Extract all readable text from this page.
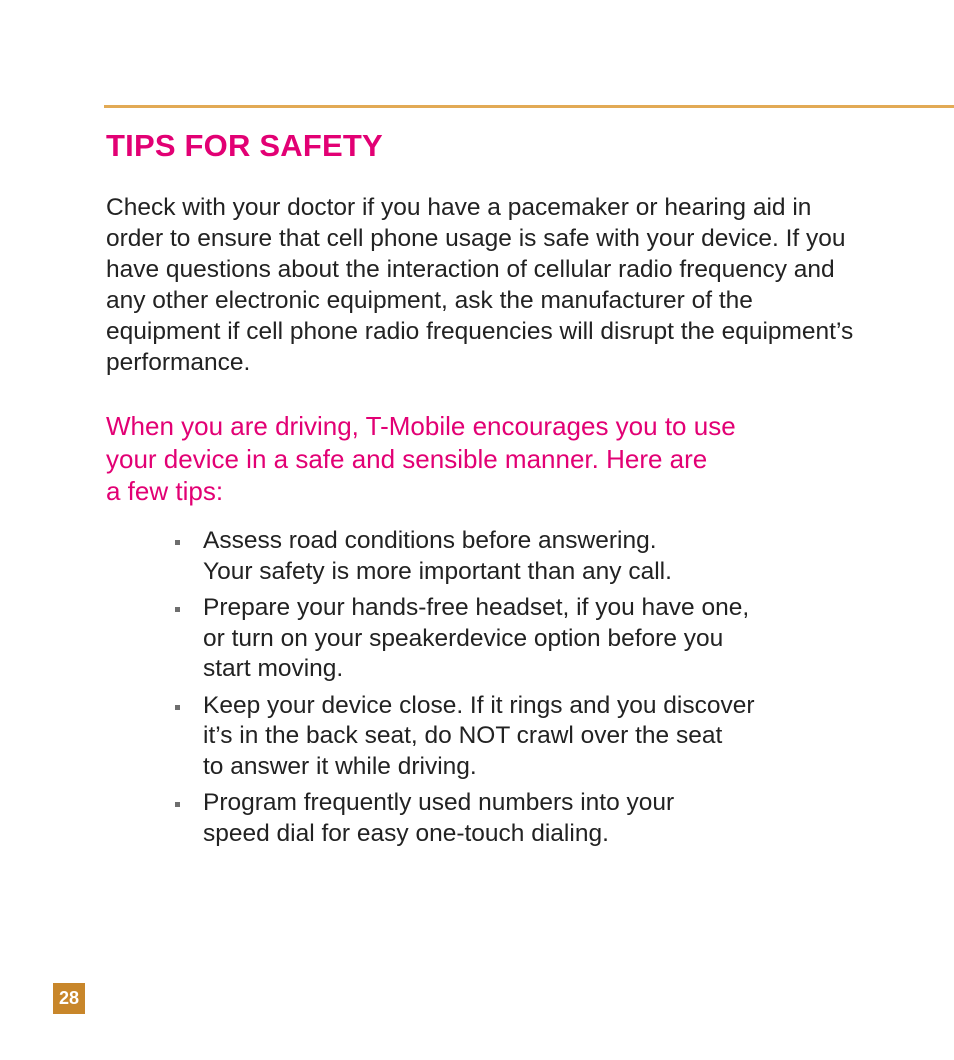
TIPS FOR SAFETY

Check with your doctor if you have a pacemaker or hearing aid in order to ensure that cell phone usage is safe with your device. If you have questions about the interaction of cellular radio frequency and any other electronic equipment, ask the manufacturer of the equipment if cell phone radio frequencies will disrupt the equipment’s performance.

When you are driving, T-Mobile encourages you to use
your device in a safe and sensible manner. Here are
a few tips:

Assess road conditions before answering.
Your safety is more important than any call.
Prepare your hands-free headset, if you have one,
or turn on your speakerdevice option before you
start moving.
Keep your device close. If it rings and you discover
it’s in the back seat, do NOT crawl over the seat
to answer it while driving.
Program frequently used numbers into your
speed dial for easy one-touch dialing.
28
